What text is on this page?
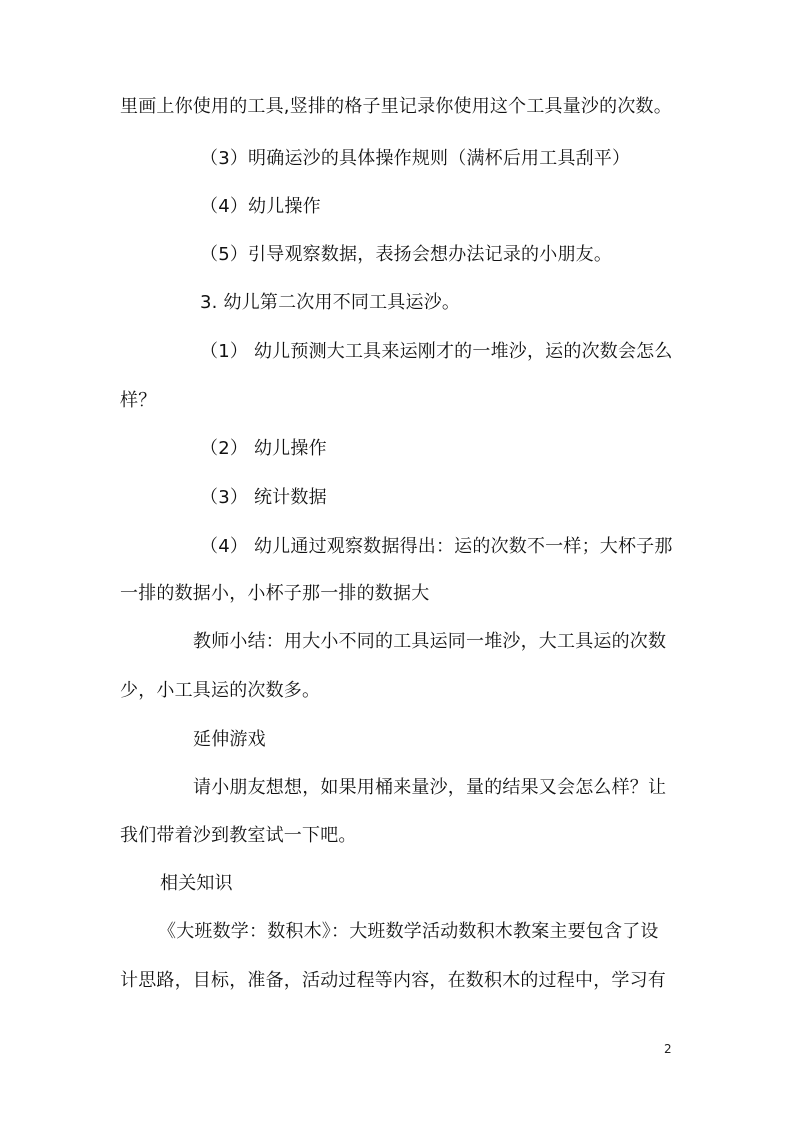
里画上你使用的工具,竖排的格子里记录你使用这个工具量沙的次数。
（3）明确运沙的具体操作规则（满杯后用工具刮平）
（4）幼儿操作
（5）引导观察数据，表扬会想办法记录的小朋友。
3. 幼儿第二次用不同工具运沙。
（1） 幼儿预测大工具来运刚才的一堆沙，运的次数会怎么
样？
（2） 幼儿操作
（3） 统计数据
（4） 幼儿通过观察数据得出：运的次数不一样；大杯子那
一排的数据小，小杯子那一排的数据大
教师小结：用大小不同的工具运同一堆沙，大工具运的次数
少，小工具运的次数多。
延伸游戏
请小朋友想想，如果用桶来量沙，量的结果又会怎么样？让
我们带着沙到教室试一下吧。
相关知识
《大班数学：数积木》：大班数学活动数积木教案主要包含了设
计思路，目标，准备，活动过程等内容，在数积木的过程中，学习有
2
